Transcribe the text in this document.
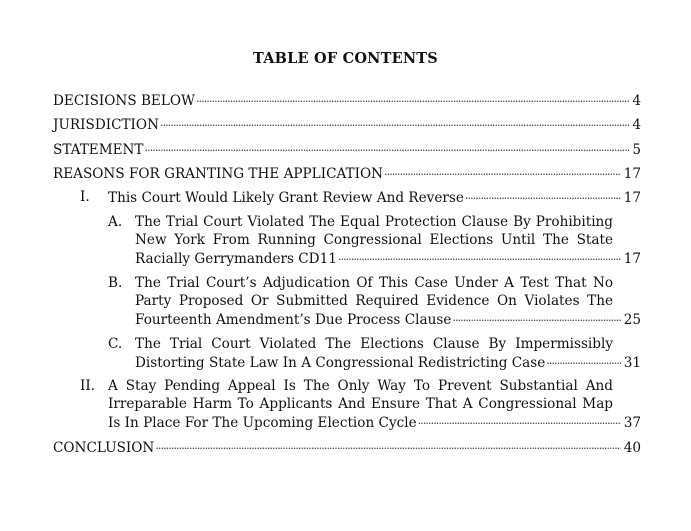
TABLE OF CONTENTS
DECISIONS BELOW . . .	4
JURISDICTION . . .	4
STATEMENT . . .	5
REASONS FOR GRANTING THE APPLICATION . . .	17
I. This Court Would Likely Grant Review And Reverse . . .	17
A. The Trial Court Violated The Equal Protection Clause By Prohibiting
New York From Running Congressional Elections Until The State
Racially Gerrymanders CD11 . . .	17
B. The Trial Court’s Adjudication Of This Case Under A Test That No
Party Proposed Or Submitted Required Evidence On Violates The
Fourteenth Amendment’s Due Process Clause . . .	25
C. The Trial Court Violated The Elections Clause By Impermissibly
Distorting State Law In A Congressional Redistricting Case . . .	31
II. A Stay Pending Appeal Is The Only Way To Prevent Substantial And
Irreparable Harm To Applicants And Ensure That A Congressional Map
Is In Place For The Upcoming Election Cycle . . .	37
CONCLUSION . . .	40
